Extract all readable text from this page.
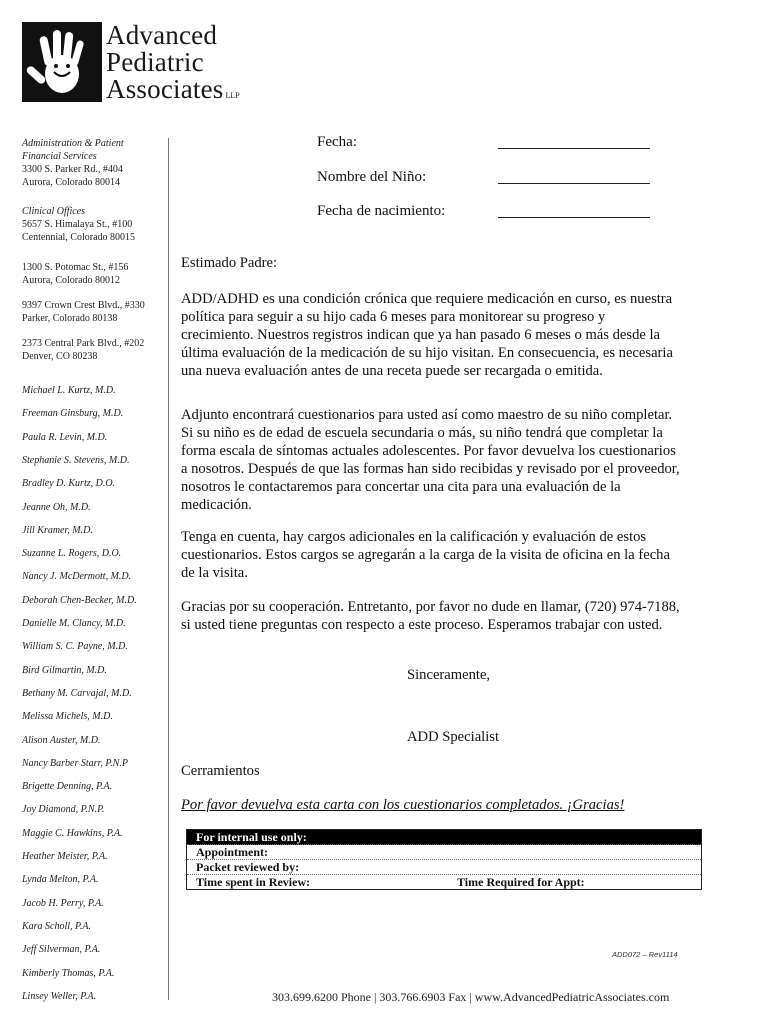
Advanced
Pediatric
Associates LLP
Administration & Patient
Financial Services
3300 S. Parker Rd., #404
Aurora, Colorado 80014
Clinical Offices
5657 S. Himalaya St., #100
Centennial, Colorado 80015
1300 S. Potomac St., #156
Aurora, Colorado 80012
9397 Crown Crest Blvd., #330
Parker, Colorado 80138
2373 Central Park Blvd., #202
Denver, CO 80238
Michael L. Kurtz, M.D.
Freeman Ginsburg, M.D.
Paula R. Levin, M.D.
Stephanie S. Stevens, M.D.
Bradley D. Kurtz, D.O.
Jeanne Oh, M.D.
Jill Kramer, M.D.
Suzanne L. Rogers, D.O.
Nancy J. McDermott, M.D.
Deborah Chen-Becker, M.D.
Danielle M. Clancy, M.D.
William S. C. Payne, M.D.
Bird Gilmartin, M.D.
Bethany M. Carvajal, M.D.
Melissa Michels, M.D.
Alison Auster, M.D.
Nancy Barber Starr, P.N.P
Brigette Denning, P.A.
Joy Diamond, P.N.P.
Maggie C. Hawkins, P.A.
Heather Meister, P.A.
Lynda Melton, P.A.
Jacob H. Perry, P.A.
Kara Scholl, P.A.
Jeff Silverman, P.A.
Kimberly Thomas, P.A.
Linsey Weller, P.A.
Fecha:
Nombre del Niño:
Fecha de nacimiento:

Estimado Padre:

ADD/ADHD es una condición crónica que requiere medicación en curso, es nuestra política para seguir a su hijo cada 6 meses para monitorear su progreso y crecimiento. Nuestros registros indican que ya han pasado 6 meses o más desde la última evaluación de la medicación de su hijo visitan. En consecuencia, es necesaria una nueva evaluación antes de una receta puede ser recargada o emitida.

Adjunto encontrará cuestionarios para usted así como maestro de su niño completar. Si su niño es de edad de escuela secundaria o más, su niño tendrá que completar la forma escala de síntomas actuales adolescentes. Por favor devuelva los cuestionarios a nosotros. Después de que las formas han sido recibidas y revisado por el proveedor, nosotros le contactaremos para concertar una cita para una evaluación de la medicación.

Tenga en cuenta, hay cargos adicionales en la calificación y evaluación de estos cuestionarios. Estos cargos se agregarán a la carga de la visita de oficina en la fecha de la visita.

Gracias por su cooperación. Entretanto, por favor no dude en llamar, (720) 974-7188, si usted tiene preguntas con respecto a este proceso. Esperamos trabajar con usted.

Sinceramente,
ADD Specialist

Cerramientos

Por favor devuelva esta carta con los cuestionarios completados. ¡Gracias!
For internal use only:
Appointment:
Packet reviewed by:
Time spent in Review:	Time Required for Appt:
ADD072 – Rev1114
303.699.6200 Phone | 303.766.6903 Fax | www.AdvancedPediatricAssociates.com
